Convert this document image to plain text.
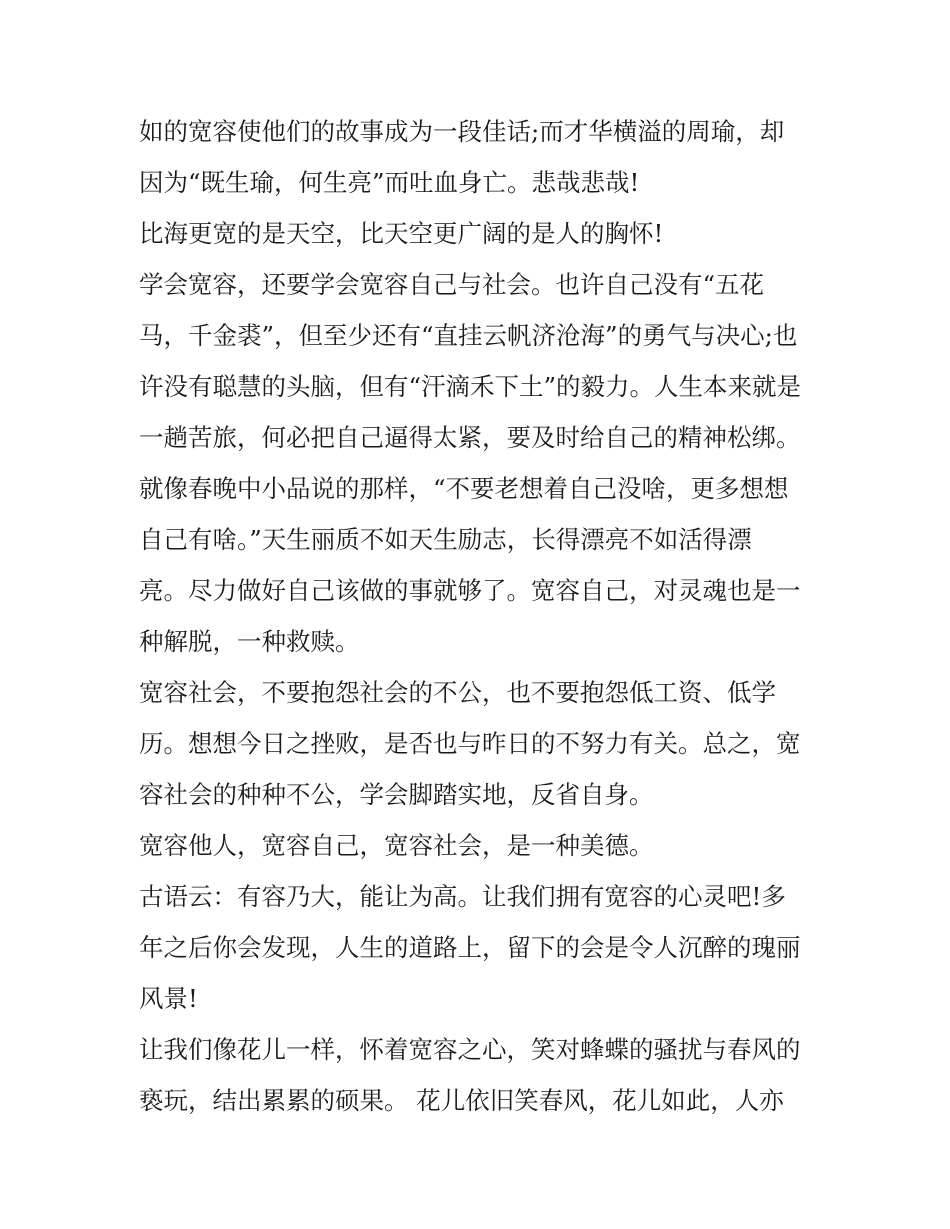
如的宽容使他们的故事成为一段佳话;而才华横溢的周瑜，却
因为“既生瑜，何生亮”而吐血身亡。悲哉悲哉!
比海更宽的是天空，比天空更广阔的是人的胸怀!
学会宽容，还要学会宽容自己与社会。也许自己没有“五花
马，千金裘”，但至少还有“直挂云帆济沧海”的勇气与决心;也
许没有聪慧的头脑，但有“汗滴禾下土”的毅力。人生本来就是
一趟苦旅，何必把自己逼得太紧，要及时给自己的精神松绑。
就像春晚中小品说的那样，“不要老想着自己没啥，更多想想
自己有啥。”天生丽质不如天生励志，长得漂亮不如活得漂
亮。尽力做好自己该做的事就够了。宽容自己，对灵魂也是一
种解脱，一种救赎。
宽容社会，不要抱怨社会的不公，也不要抱怨低工资、低学
历。想想今日之挫败，是否也与昨日的不努力有关。总之，宽
容社会的种种不公，学会脚踏实地，反省自身。
宽容他人，宽容自己，宽容社会，是一种美德。
古语云：有容乃大，能让为高。让我们拥有宽容的心灵吧!多
年之后你会发现，人生的道路上，留下的会是令人沉醉的瑰丽
风景!
让我们像花儿一样，怀着宽容之心，笑对蜂蝶的骚扰与春风的
亵玩，结出累累的硕果。 花儿依旧笑春风，花儿如此，人亦
